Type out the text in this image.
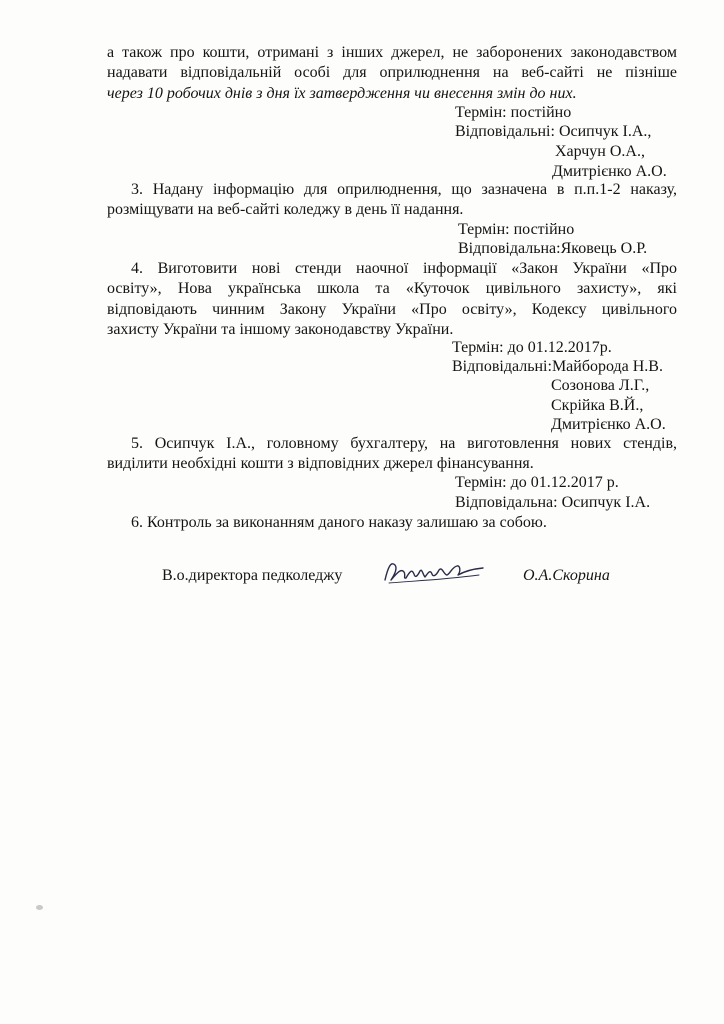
а також про кошти, отримані з інших джерел, не заборонених законодавством
надавати відповідальній особі для оприлюднення на веб-сайті не пізніше
через 10 робочих днів з дня їх затвердження чи внесення змін до них.
Термін: постійно
Відповідальні: Осипчук І.А.,
Харчун О.А.,
Дмитрієнко А.О.
3. Надану інформацію для оприлюднення, що зазначена в п.п.1-2 наказу,
розміщувати на веб-сайті коледжу в день її надання.
Термін: постійно
Відповідальна:Яковець О.Р.
4. Виготовити нові стенди наочної інформації «Закон України «Про
освіту», Нова українська школа та «Куточок цивільного захисту», які
відповідають чинним Закону України «Про освіту», Кодексу цивільного
захисту України та іншому законодавству України.
Термін: до 01.12.2017р.
Відповідальні:Майборода Н.В.
Созонова Л.Г.,
Скрійка В.Й.,
Дмитрієнко А.О.
5. Осипчук І.А., головному бухгалтеру, на виготовлення нових стендів,
виділити необхідні кошти з відповідних джерел фінансування.
Термін: до 01.12.2017 р.
Відповідальна: Осипчук І.А.
6. Контроль за виконанням даного наказу залишаю за собою.
В.о.директора педколеджу	О.А.Скорина
